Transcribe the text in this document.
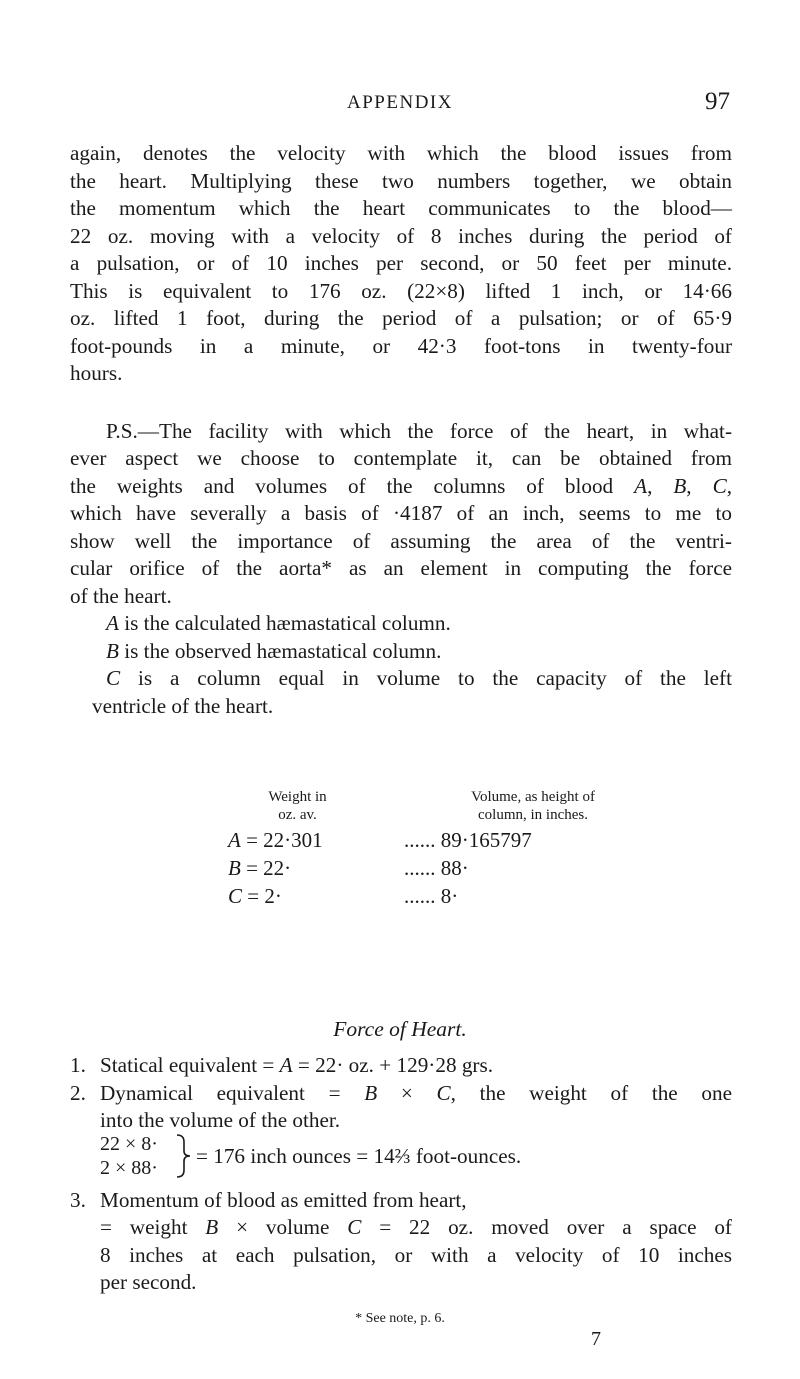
APPENDIX	97
again, denotes the velocity with which the blood issues from
the heart. Multiplying these two numbers together, we obtain
the momentum which the heart communicates to the blood—
22 oz. moving with a velocity of 8 inches during the period of
a pulsation, or of 10 inches per second, or 50 feet per minute.
This is equivalent to 176 oz. (22×8) lifted 1 inch, or 14·66
oz. lifted 1 foot, during the period of a pulsation; or of 65·9
foot-pounds in a minute, or 42·3 foot-tons in twenty-four
hours.
P.S.—The facility with which the force of the heart, in what-
ever aspect we choose to contemplate it, can be obtained from
the weights and volumes of the columns of blood A, B, C,
which have severally a basis of ·4187 of an inch, seems to me to
show well the importance of assuming the area of the ventri-
cular orifice of the aorta* as an element in computing the force
of the heart.
A is the calculated hæmastatical column.
B is the observed hæmastatical column.
C is a column equal in volume to the capacity of the left
ventricle of the heart.
Weight in
oz. av.
Volume, as height of
column, in inches.
A = 22·301	...... 89·165797
B = 22·	...... 88·
C = 2·	...... 8·
Force of Heart.
1. Statical equivalent = A = 22· oz. + 129·28 grs.
2. Dynamical equivalent = B × C, the weight of the one
into the volume of the other.
22 × 8·
2 × 88· = 176 inch ounces = 14⅔ foot-ounces.
3. Momentum of blood as emitted from heart,
= weight B × volume C = 22 oz. moved over a space of
8 inches at each pulsation, or with a velocity of 10 inches
per second.
* See note, p. 6.
7
